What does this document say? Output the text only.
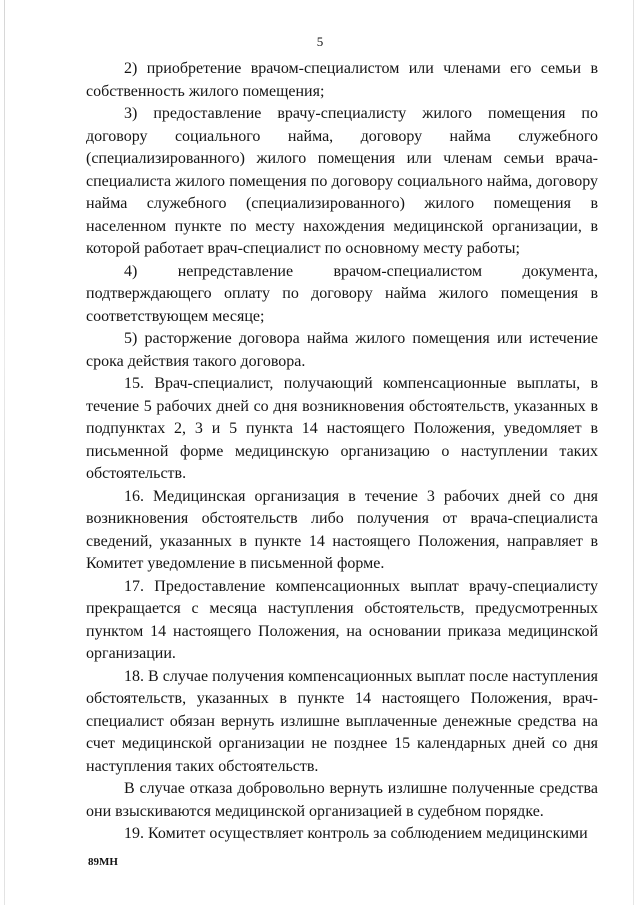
5

2) приобретение врачом-специалистом или членами его семьи в собственность жилого помещения;

3) предоставление врачу-специалисту жилого помещения по договору социального найма, договору найма служебного (специализированного) жилого помещения или членам семьи врача-специалиста жилого помещения по договору социального найма, договору найма служебного (специализированного) жилого помещения в населенном пункте по месту нахождения медицинской организации, в которой работает врач-специалист по основному месту работы;

4) непредставление врачом-специалистом документа, подтверждающего оплату по договору найма жилого помещения в соответствующем месяце;

5) расторжение договора найма жилого помещения или истечение срока действия такого договора.

15. Врач-специалист, получающий компенсационные выплаты, в течение 5 рабочих дней со дня возникновения обстоятельств, указанных в подпунктах 2, 3 и 5 пункта 14 настоящего Положения, уведомляет в письменной форме медицинскую организацию о наступлении таких обстоятельств.

16. Медицинская организация в течение 3 рабочих дней со дня возникновения обстоятельств либо получения от врача-специалиста сведений, указанных в пункте 14 настоящего Положения, направляет в Комитет уведомление в письменной форме.

17. Предоставление компенсационных выплат врачу-специалисту прекращается с месяца наступления обстоятельств, предусмотренных пунктом 14 настоящего Положения, на основании приказа медицинской организации.

18. В случае получения компенсационных выплат после наступления обстоятельств, указанных в пункте 14 настоящего Положения, врач-специалист обязан вернуть излишне выплаченные денежные средства на счет медицинской организации не позднее 15 календарных дней со дня наступления таких обстоятельств.

В случае отказа добровольно вернуть излишне полученные средства они взыскиваются медицинской организацией в судебном порядке.

19. Комитет осуществляет контроль за соблюдением медицинскими

89МН
